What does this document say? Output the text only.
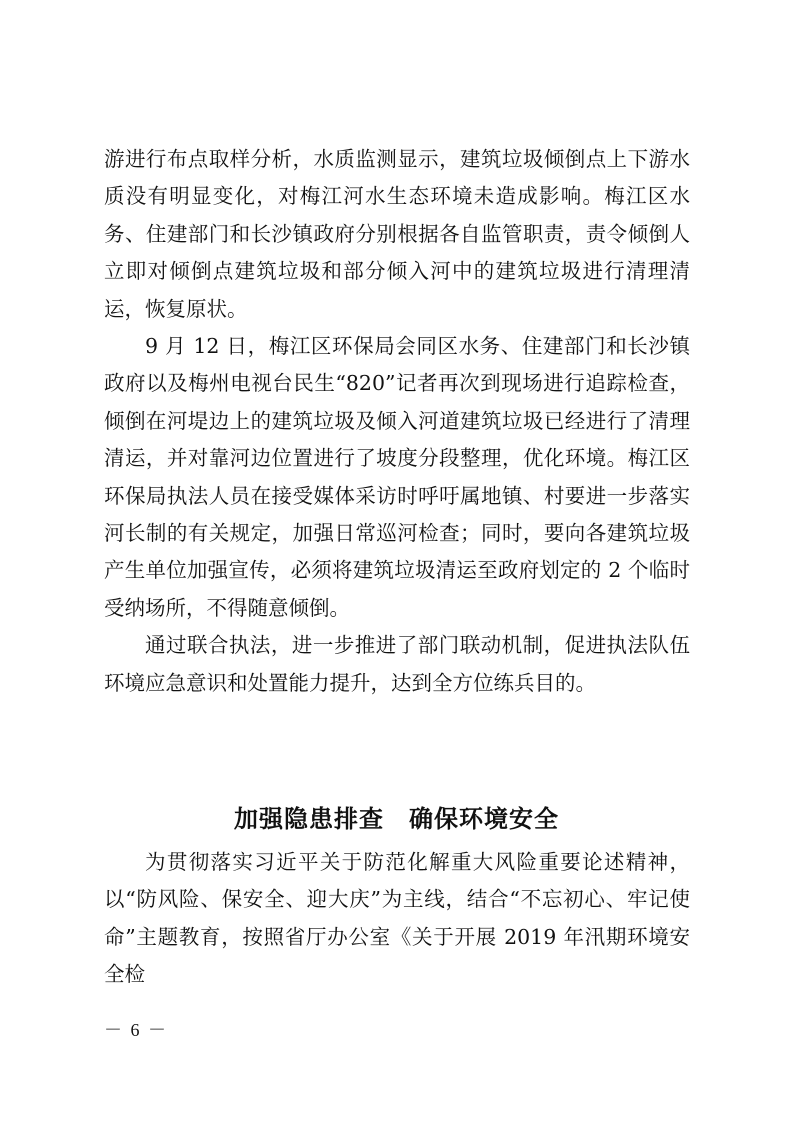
游进行布点取样分析，水质监测显示，建筑垃圾倾倒点上下游水质没有明显变化，对梅江河水生态环境未造成影响。梅江区水务、住建部门和长沙镇政府分别根据各自监管职责，责令倾倒人立即对倾倒点建筑垃圾和部分倾入河中的建筑垃圾进行清理清运，恢复原状。

9 月 12 日，梅江区环保局会同区水务、住建部门和长沙镇政府以及梅州电视台民生“820”记者再次到现场进行追踪检查，倾倒在河堤边上的建筑垃圾及倾入河道建筑垃圾已经进行了清理清运，并对靠河边位置进行了坡度分段整理，优化环境。梅江区环保局执法人员在接受媒体采访时呼吁属地镇、村要进一步落实河长制的有关规定，加强日常巡河检查；同时，要向各建筑垃圾产生单位加强宣传，必须将建筑垃圾清运至政府划定的 2 个临时受纳场所，不得随意倾倒。

通过联合执法，进一步推进了部门联动机制，促进执法队伍环境应急意识和处置能力提升，达到全方位练兵目的。

加强隐患排查　确保环境安全

为贯彻落实习近平关于防范化解重大风险重要论述精神，以“防风险、保安全、迎大庆”为主线，结合“不忘初心、牢记使命”主题教育，按照省厅办公室《关于开展 2019 年汛期环境安全检

－ 6 －
